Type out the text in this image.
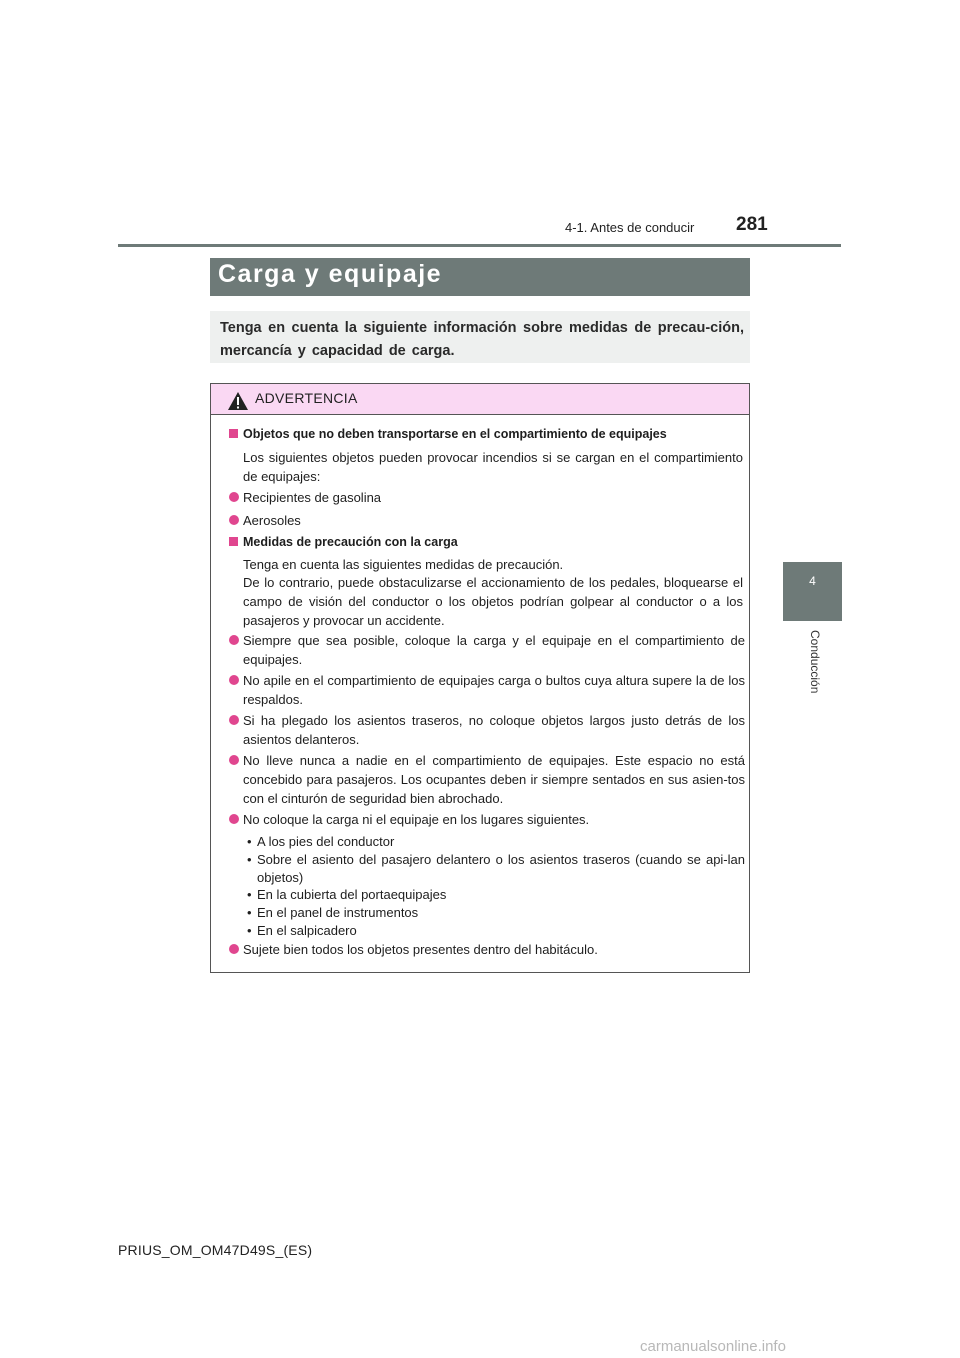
4-1. Antes de conducir 281
4
Conducción
Carga y equipaje
Tenga en cuenta la siguiente información sobre medidas de precau-ción, mercancía y capacidad de carga.
ADVERTENCIA
Objetos que no deben transportarse en el compartimiento de equipajes
Los siguientes objetos pueden provocar incendios si se cargan en el compartimiento de equipajes:
Recipientes de gasolina
Aerosoles
Medidas de precaución con la carga
Tenga en cuenta las siguientes medidas de precaución.
De lo contrario, puede obstaculizarse el accionamiento de los pedales, bloquearse el campo de visión del conductor o los objetos podrían golpear al conductor o a los pasajeros y provocar un accidente.
Siempre que sea posible, coloque la carga y el equipaje en el compartimiento de equipajes.
No apile en el compartimiento de equipajes carga o bultos cuya altura supere la de los respaldos.
Si ha plegado los asientos traseros, no coloque objetos largos justo detrás de los asientos delanteros.
No lleve nunca a nadie en el compartimiento de equipajes. Este espacio no está concebido para pasajeros. Los ocupantes deben ir siempre sentados en sus asien-tos con el cinturón de seguridad bien abrochado.
No coloque la carga ni el equipaje en los lugares siguientes.
• A los pies del conductor
• Sobre el asiento del pasajero delantero o los asientos traseros (cuando se api-lan objetos)
• En la cubierta del portaequipajes
• En el panel de instrumentos
• En el salpicadero
Sujete bien todos los objetos presentes dentro del habitáculo.
PRIUS_OM_OM47D49S_(ES)
carmanualsonline.info
